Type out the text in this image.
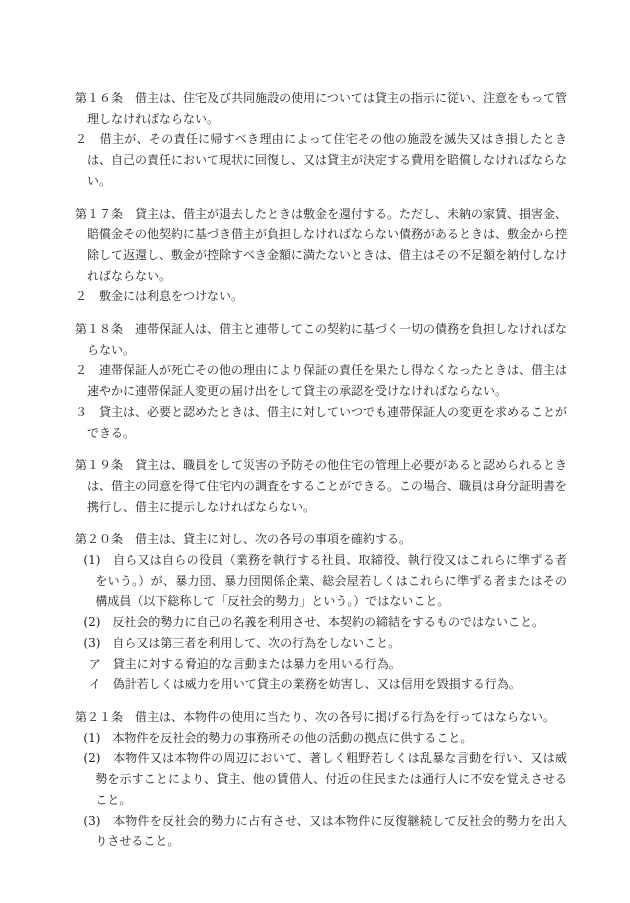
第１６条　借主は、住宅及び共同施設の使用については貸主の指示に従い、注意をもって管理しなければならない。

２　借主が、その責任に帰すべき理由によって住宅その他の施設を滅失又はき損したときは、自己の責任において現状に回復し、又は貸主が決定する費用を賠償しなければならない。

第１７条　貸主は、借主が退去したときは敷金を還付する。ただし、未納の家賃、損害金、賠償金その他契約に基づき借主が負担しなければならない債務があるときは、敷金から控除して返還し、敷金が控除すべき金額に満たないときは、借主はその不足額を納付しなければならない。

２　敷金には利息をつけない。

第１８条　連帯保証人は、借主と連帯してこの契約に基づく一切の債務を負担しなければならない。

２　連帯保証人が死亡その他の理由により保証の責任を果たし得なくなったときは、借主は速やかに連帯保証人変更の届け出をして貸主の承認を受けなければならない。

３　貸主は、必要と認めたときは、借主に対していつでも連帯保証人の変更を求めることができる。

第１９条　貸主は、職員をして災害の予防その他住宅の管理上必要があると認められるときは、借主の同意を得て住宅内の調査をすることができる。この場合、職員は身分証明書を携行し、借主に提示しなければならない。

第２０条　借主は、貸主に対し、次の各号の事項を確約する。

(1)　自ら又は自らの役員（業務を執行する社員、取締役、執行役又はこれらに準ずる者をいう。）が、暴力団、暴力団関係企業、総会屋若しくはこれらに準ずる者またはその構成員（以下総称して「反社会的勢力」という。）ではないこと。

(2)　反社会的勢力に自己の名義を利用させ、本契約の締結をするものではないこと。

(3)　自ら又は第三者を利用して、次の行為をしないこと。

ア　貸主に対する脅迫的な言動または暴力を用いる行為。

イ　偽計若しくは威力を用いて貸主の業務を妨害し、又は信用を毀損する行為。

第２１条　借主は、本物件の使用に当たり、次の各号に掲げる行為を行ってはならない。

(1)　本物件を反社会的勢力の事務所その他の活動の拠点に供すること。

(2)　本物件又は本物件の周辺において、著しく粗野若しくは乱暴な言動を行い、又は威勢を示すことにより、貸主、他の賃借人、付近の住民または通行人に不安を覚えさせること。

(3)　本物件を反社会的勢力に占有させ、又は本物件に反復継続して反社会的勢力を出入りさせること。
